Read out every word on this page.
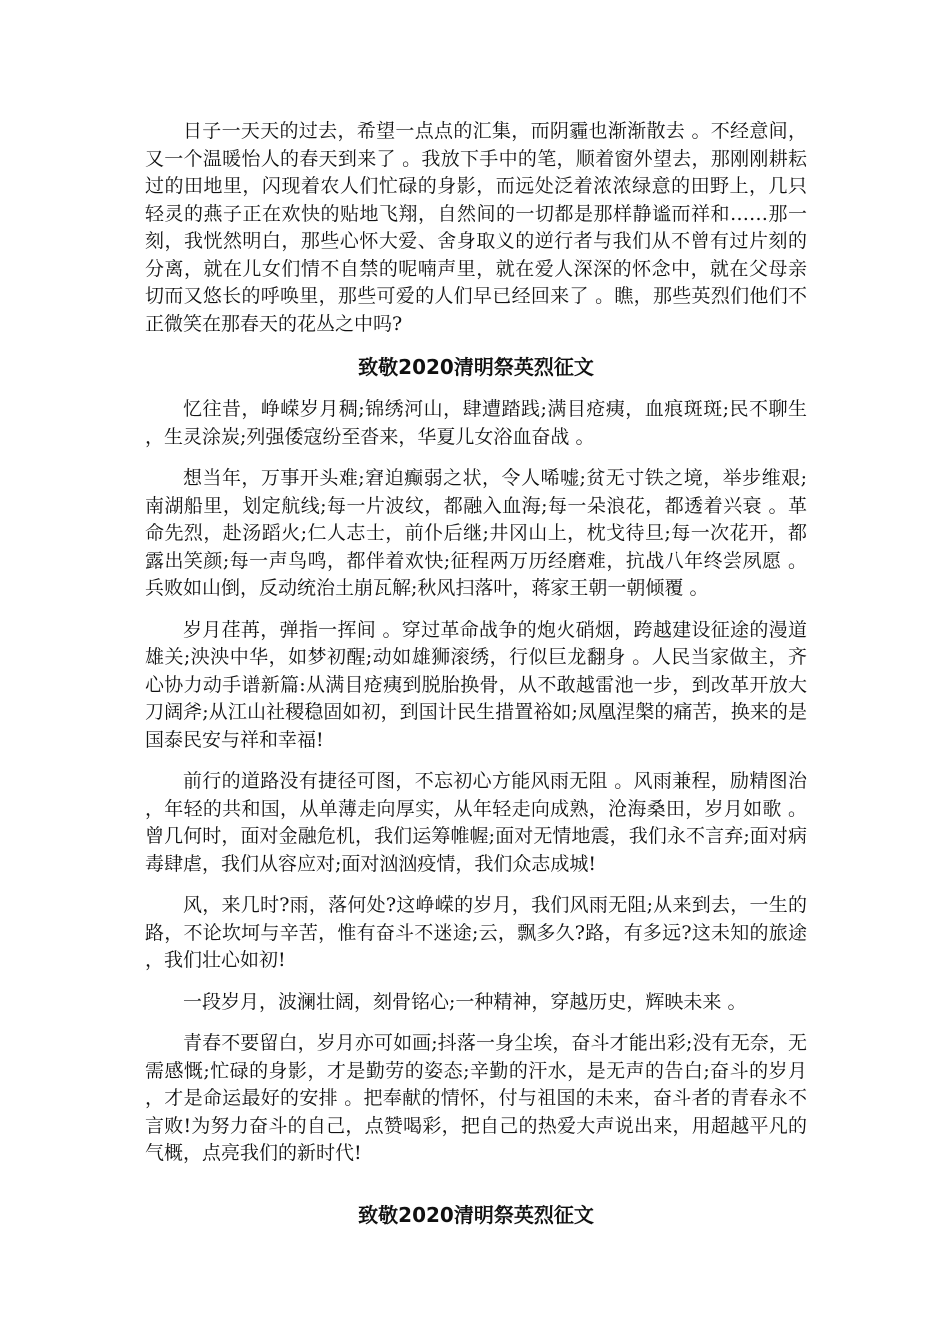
日子一天天的过去，希望一点点的汇集，而阴霾也渐渐散去 。不经意间，又一个温暖怡人的春天到来了 。我放下手中的笔，顺着窗外望去，那刚刚耕耘过的田地里，闪现着农人们忙碌的身影，而远处泛着浓浓绿意的田野上，几只轻灵的燕子正在欢快的贴地飞翔，自然间的一切都是那样静谧而祥和……那一刻，我恍然明白，那些心怀大爱、舍身取义的逆行者与我们从不曾有过片刻的分离，就在儿女们情不自禁的呢喃声里，就在爱人深深的怀念中，就在父母亲切而又悠长的呼唤里，那些可爱的人们早已经回来了 。瞧，那些英烈们他们不正微笑在那春天的花丛之中吗?

致敬2020清明祭英烈征文

忆往昔，峥嵘岁月稠;锦绣河山，肆遭踏践;满目疮痍，血痕斑斑;民不聊生，生灵涂炭;列强倭寇纷至沓来，华夏儿女浴血奋战 。

想当年，万事开头难;窘迫癫弱之状，令人唏嘘;贫无寸铁之境，举步维艰;南湖船里，划定航线;每一片波纹，都融入血海;每一朵浪花，都透着兴衰 。革命先烈，赴汤蹈火;仁人志士，前仆后继;井冈山上，枕戈待旦;每一次花开，都露出笑颜;每一声鸟鸣，都伴着欢快;征程两万历经磨难，抗战八年终尝夙愿 。兵败如山倒，反动统治土崩瓦解;秋风扫落叶，蒋家王朝一朝倾覆 。

岁月荏苒，弹指一挥间 。穿过革命战争的炮火硝烟，跨越建设征途的漫道雄关;泱泱中华，如梦初醒;动如雄狮滚绣，行似巨龙翻身 。人民当家做主，齐心协力动手谱新篇:从满目疮痍到脱胎换骨，从不敢越雷池一步，到改革开放大刀阔斧;从江山社稷稳固如初，到国计民生措置裕如;凤凰涅槃的痛苦，换来的是国泰民安与祥和幸福!

前行的道路没有捷径可图，不忘初心方能风雨无阻 。风雨兼程，励精图治，年轻的共和国，从单薄走向厚实，从年轻走向成熟，沧海桑田，岁月如歌 。曾几何时，面对金融危机，我们运筹帷幄;面对无情地震，我们永不言弃;面对病毒肆虐，我们从容应对;面对汹汹疫情，我们众志成城!

风，来几时?雨，落何处?这峥嵘的岁月，我们风雨无阻;从来到去，一生的路，不论坎坷与辛苦，惟有奋斗不迷途;云，飘多久?路，有多远?这未知的旅途，我们壮心如初!

一段岁月，波澜壮阔，刻骨铭心;一种精神，穿越历史，辉映未来 。

青春不要留白，岁月亦可如画;抖落一身尘埃，奋斗才能出彩;没有无奈，无需感慨;忙碌的身影，才是勤劳的姿态;辛勤的汗水，是无声的告白;奋斗的岁月，才是命运最好的安排 。把奉献的情怀，付与祖国的未来，奋斗者的青春永不言败!为努力奋斗的自己，点赞喝彩，把自己的热爱大声说出来，用超越平凡的气概，点亮我们的新时代!

致敬2020清明祭英烈征文
